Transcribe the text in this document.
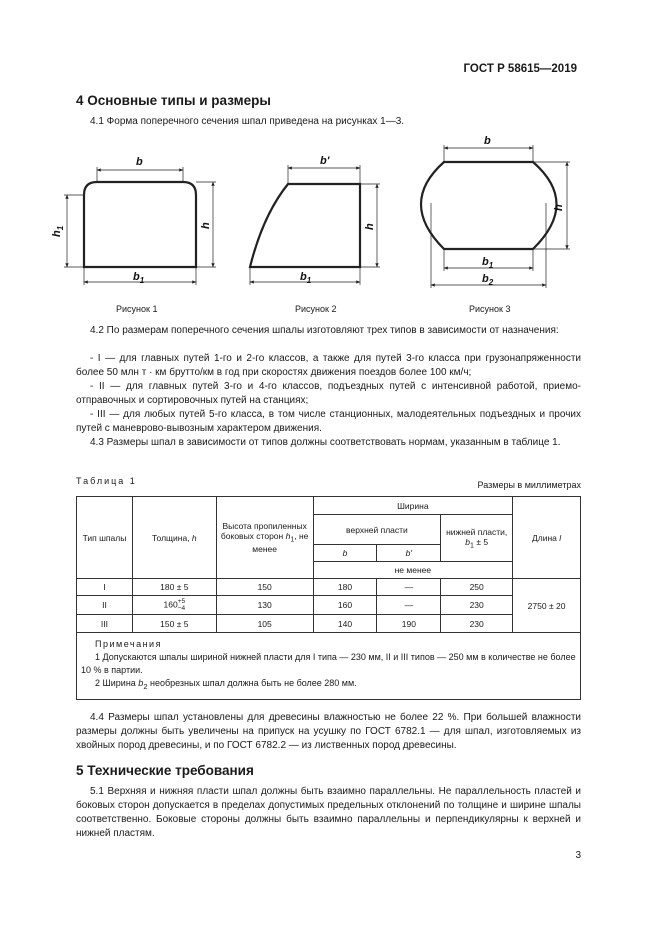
ГОСТ Р 58615—2019
4 Основные типы и размеры
4.1 Форма поперечного сечения шпал приведена на рисунках 1—3.
b
$b_1$
$h_1$	h
b'
$b_1$
h
b
$b_1$
$b_2$
h
Рисунок 1	Рисунок 2	Рисунок 3
4.2 По размерам поперечного сечения шпалы изготовляют трех типов в зависимости от назначения:
- I — для главных путей 1-го и 2-го классов, а также для путей 3-го класса при грузонапряженности более 50 млн т · км брутто/км в год при скоростях движения поездов более 100 км/ч;
- II — для главных путей 3-го и 4-го классов, подъездных путей с интенсивной работой, приемо-отправочных и сортировочных путей на станциях;
- III — для любых путей 5-го класса, в том числе станционных, малодеятельных подъездных и прочих путей с маневрово-вывозным характером движения.
4.3 Размеры шпал в зависимости от типов должны соответствовать нормам, указанным в таблице 1.
Таблица 1	Размеры в миллиметрах
Тип шпалы	Толщина, h	Высота пропиленных боковых сторон $h_1$, не менее	Ширина			Длина l
			верхней пласти		нижней пласти, $b_1 \pm 5$	
			b	b'		
			не менее			
I	180 ± 5	150	180	—	250	2750 ± 20
II	160 +5
−4	130	160	—	230	
III	150 ± 5	105	140	190	230	

Примечания
1 Допускаются шпалы шириной нижней пласти для I типа — 230 мм, II и III типов — 250 мм в количестве не более 10 % в партии.
2 Ширина $b_2$ необрезных шпал должна быть не более 280 мм.						
4.4 Размеры шпал установлены для древесины влажностью не более 22 %. При большей влажности размеры должны быть увеличены на припуск на усушку по ГОСТ 6782.1 — для шпал, изготовляемых из хвойных пород древесины, и по ГОСТ 6782.2 — из лиственных пород древесины.
5 Технические требования
5.1 Верхняя и нижняя пласти шпал должны быть взаимно параллельны. Не параллельность пластей и боковых сторон допускается в пределах допустимых предельных отклонений по толщине и ширине шпалы соответственно. Боковые стороны должны быть взаимно параллельны и перпендикулярны к верхней и нижней пластям.
3
